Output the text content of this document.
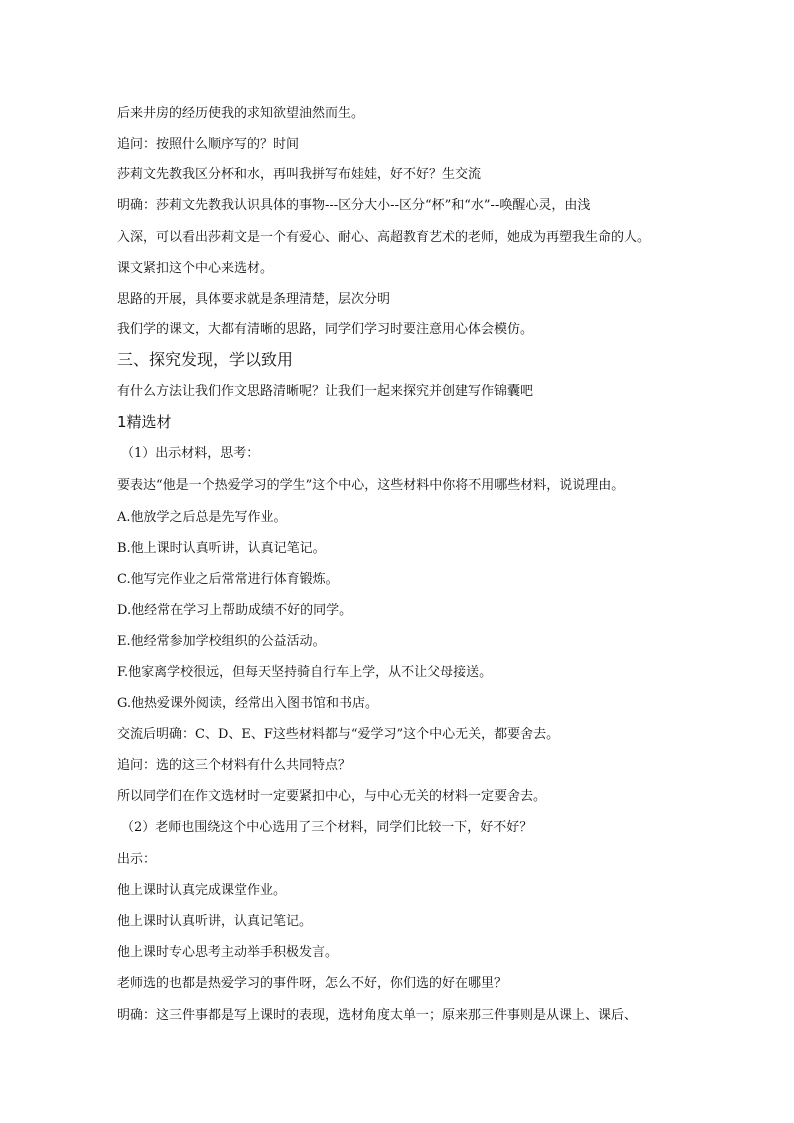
后来井房的经历使我的求知欲望油然而生。
追问：按照什么顺序写的？时间
莎莉文先教我区分杯和水，再叫我拼写布娃娃，好不好？生交流
明确：莎莉文先教我认识具体的事物---区分大小--区分“杯”和“水”--唤醒心灵，由浅
入深，可以看出莎莉文是一个有爱心、耐心、高超教育艺术的老师，她成为再塑我生命的人。
课文紧扣这个中心来选材。
思路的开展，具体要求就是条理清楚，层次分明
我们学的课文，大都有清晰的思路，同学们学习时要注意用心体会模仿。
三、探究发现，学以致用
有什么方法让我们作文思路清晰呢？让我们一起来探究并创建写作锦囊吧
1精选材
（1）出示材料，思考：
要表达“他是一个热爱学习的学生”这个中心，这些材料中你将不用哪些材料，说说理由。
A.他放学之后总是先写作业。
B.他上课时认真听讲，认真记笔记。
C.他写完作业之后常常进行体育锻炼。
D.他经常在学习上帮助成绩不好的同学。
E.他经常参加学校组织的公益活动。
F.他家离学校很远，但每天坚持骑自行车上学，从不让父母接送。
G.他热爱课外阅读，经常出入图书馆和书店。
交流后明确：C、D、E、F这些材料都与“爱学习”这个中心无关，都要舍去。
追问：选的这三个材料有什么共同特点？
所以同学们在作文选材时一定要紧扣中心，与中心无关的材料一定要舍去。
（2）老师也围绕这个中心选用了三个材料，同学们比较一下，好不好？
出示：
他上课时认真完成课堂作业。
他上课时认真听讲，认真记笔记。
他上课时专心思考主动举手积极发言。
老师选的也都是热爱学习的事件呀，怎么不好，你们选的好在哪里？
明确：这三件事都是写上课时的表现，选材角度太单一；原来那三件事则是从课上、课后、
